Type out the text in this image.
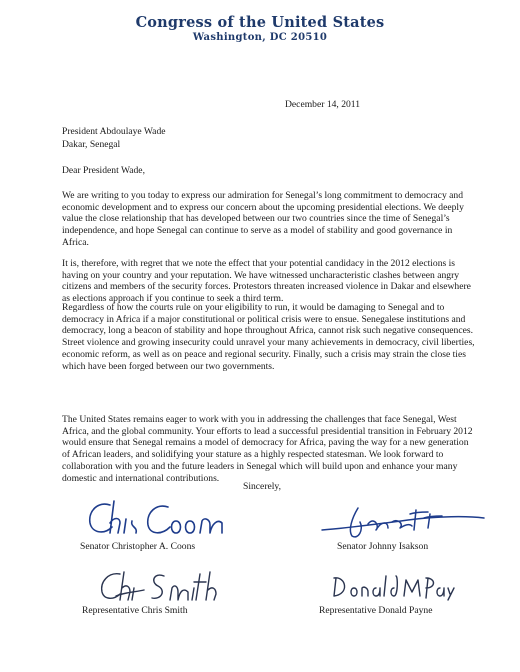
Congress of the United States
Washington, DC 20510
December 14, 2011
President Abdoulaye Wade
Dakar, Senegal
Dear President Wade,

We are writing to you today to express our admiration for Senegal’s long commitment to democracy and economic development and to express our concern about the upcoming presidential elections. We deeply value the close relationship that has developed between our two countries since the time of Senegal’s independence, and hope Senegal can continue to serve as a model of stability and good governance in Africa.

It is, therefore, with regret that we note the effect that your potential candidacy in the 2012 elections is having on your country and your reputation. We have witnessed uncharacteristic clashes between angry citizens and members of the security forces. Protestors threaten increased violence in Dakar and elsewhere as elections approach if you continue to seek a third term.

Regardless of how the courts rule on your eligibility to run, it would be damaging to Senegal and to democracy in Africa if a major constitutional or political crisis were to ensue. Senegalese institutions and democracy, long a beacon of stability and hope throughout Africa, cannot risk such negative consequences. Street violence and growing insecurity could unravel your many achievements in democracy, civil liberties, economic reform, as well as on peace and regional security. Finally, such a crisis may strain the close ties which have been forged between our two governments.

The United States remains eager to work with you in addressing the challenges that face Senegal, West Africa, and the global community. Your efforts to lead a successful presidential transition in February 2012 would ensure that Senegal remains a model of democracy for Africa, paving the way for a new generation of African leaders, and solidifying your stature as a highly respected statesman. We look forward to collaboration with you and the future leaders in Senegal which will build upon and enhance your many domestic and international contributions.

Sincerely,
Senator Christopher A. Coons	Senator Johnny Isakson
Representative Chris Smith	Representative Donald Payne
